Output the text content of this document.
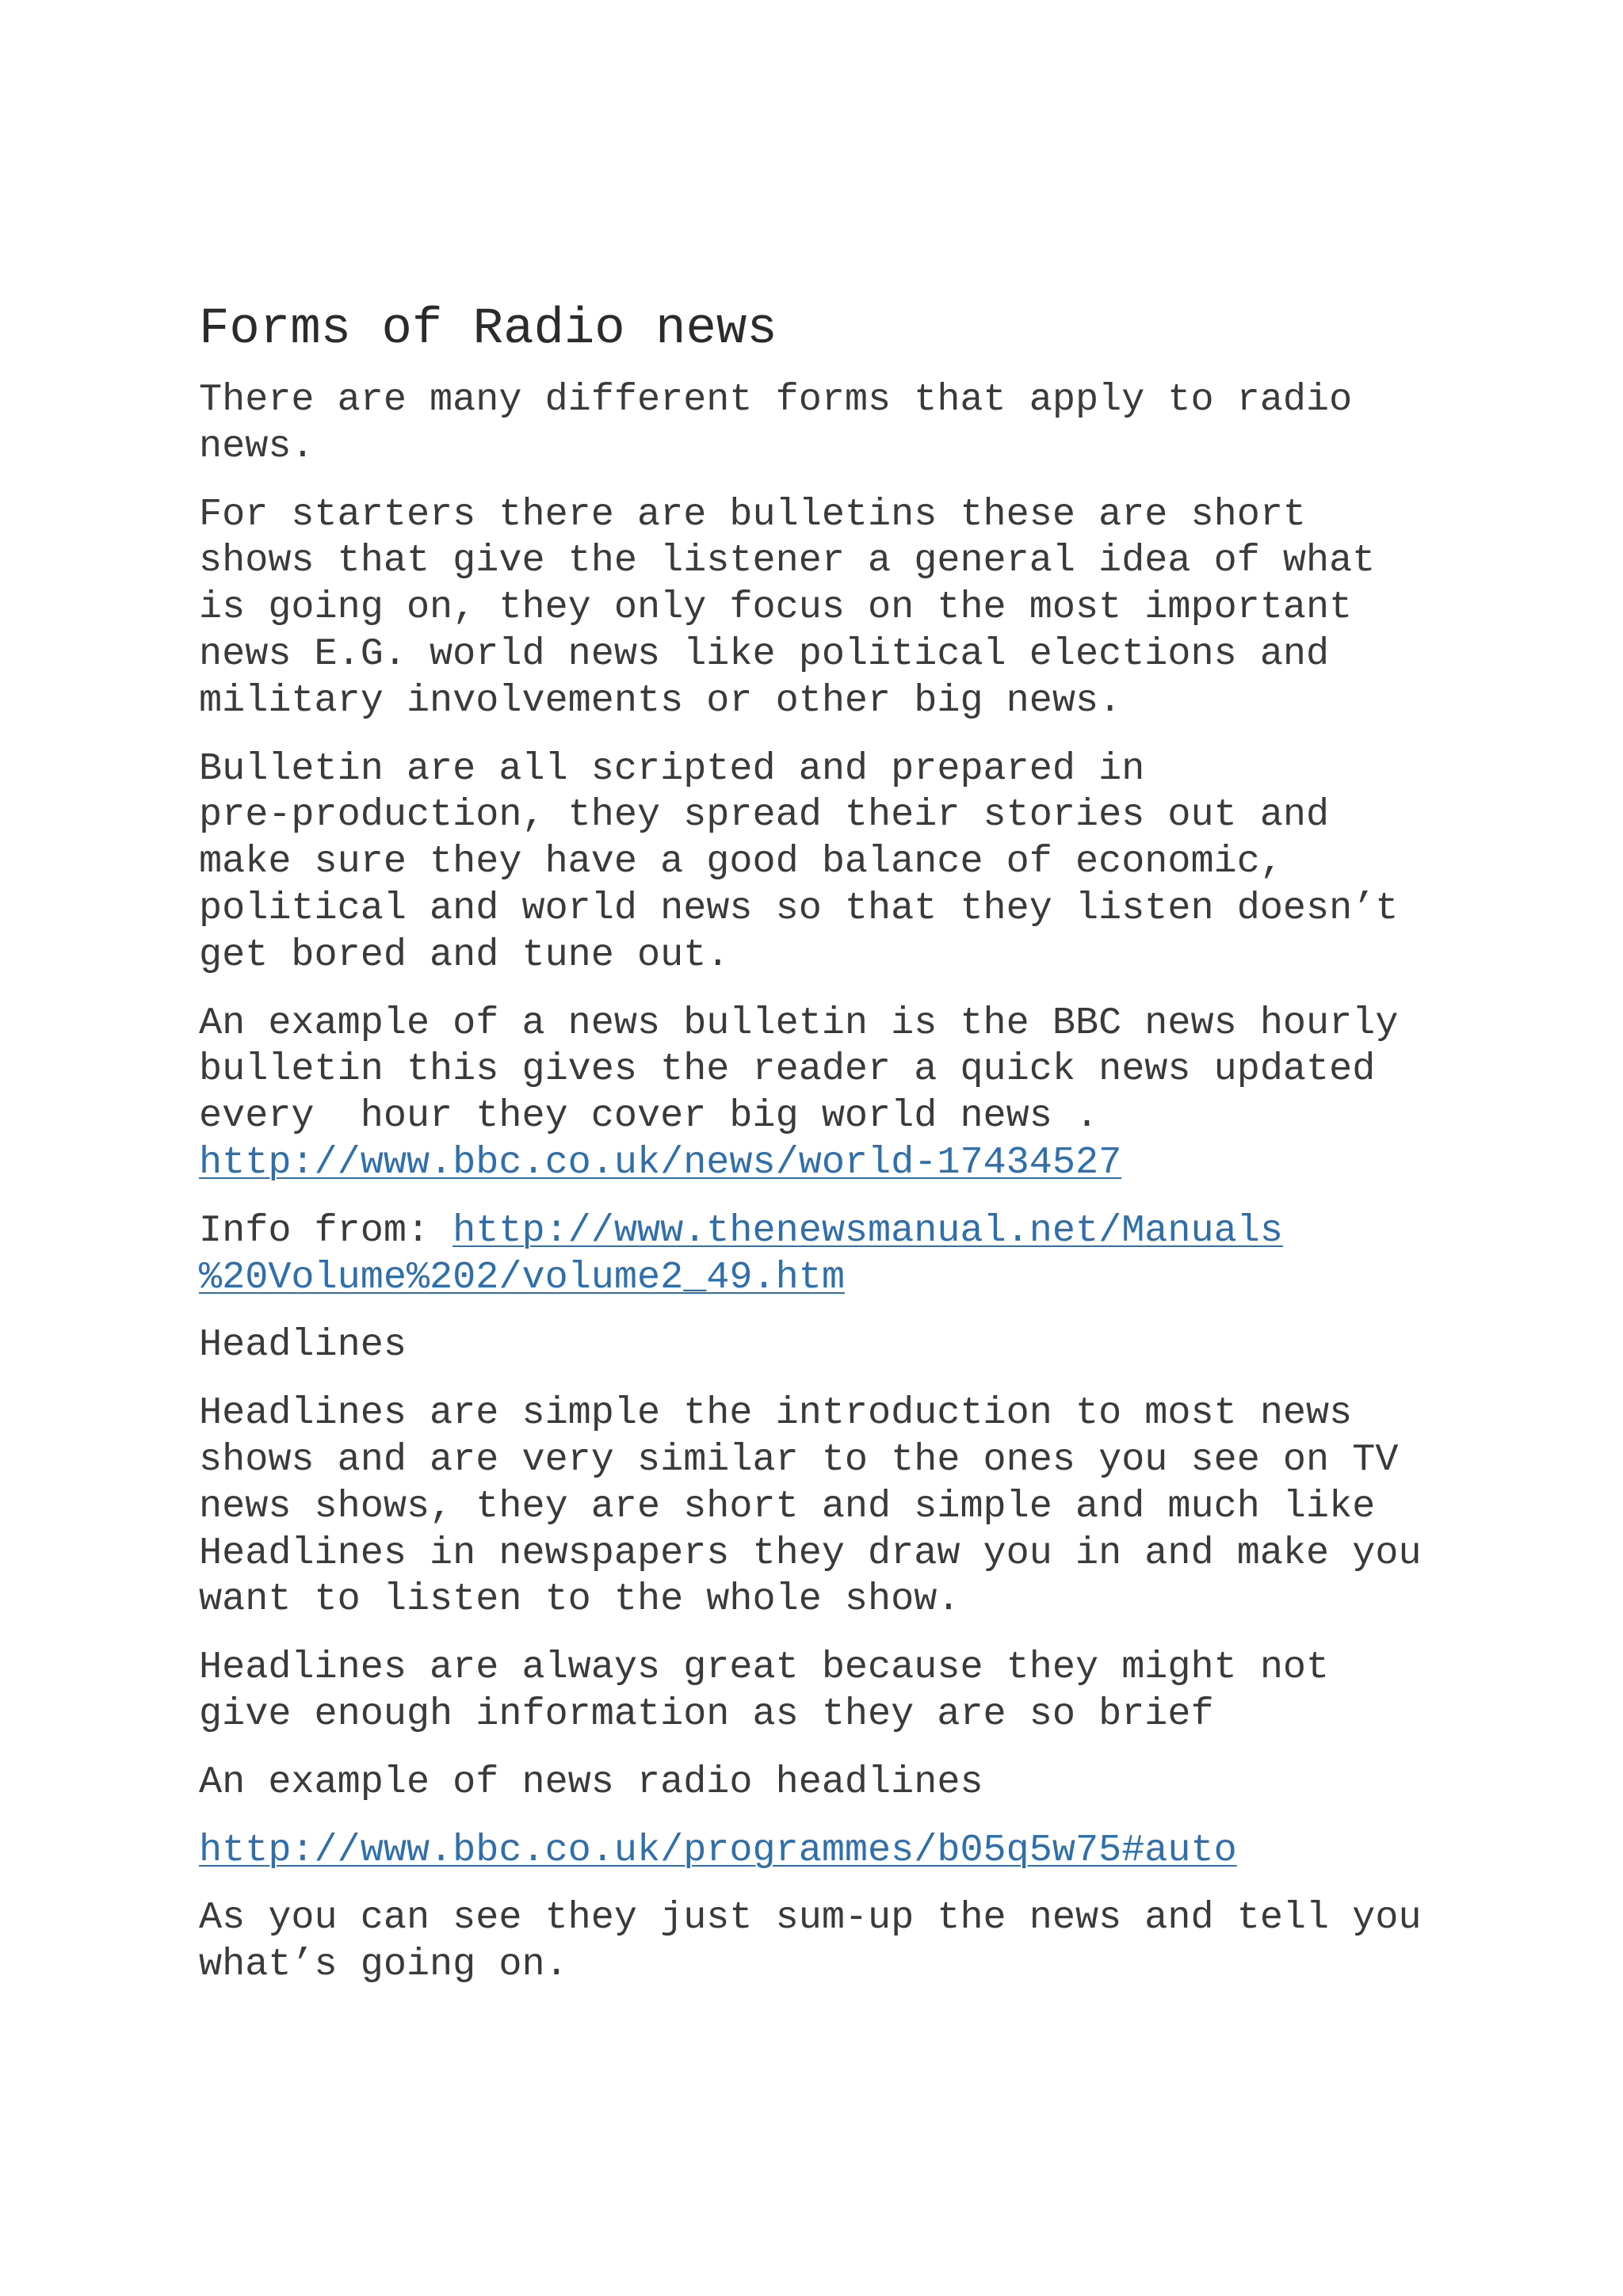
Forms of Radio news
There are many different forms that apply to radio
news.
For starters there are bulletins these are short
shows that give the listener a general idea of what
is going on, they only focus on the most important
news E.G. world news like political elections and
military involvements or other big news.
Bulletin are all scripted and prepared in
pre-production, they spread their stories out and
make sure they have a good balance of economic,
political and world news so that they listen doesn’t
get bored and tune out.
An example of a news bulletin is the BBC news hourly
bulletin this gives the reader a quick news updated
every  hour they cover big world news .
http://www.bbc.co.uk/news/world-17434527
Info from: http://www.thenewsmanual.net/Manuals
%20Volume%202/volume2_49.htm
Headlines
Headlines are simple the introduction to most news
shows and are very similar to the ones you see on TV
news shows, they are short and simple and much like
Headlines in newspapers they draw you in and make you
want to listen to the whole show.
Headlines are always great because they might not
give enough information as they are so brief
An example of news radio headlines
http://www.bbc.co.uk/programmes/b05q5w75#auto
As you can see they just sum-up the news and tell you
what’s going on.
